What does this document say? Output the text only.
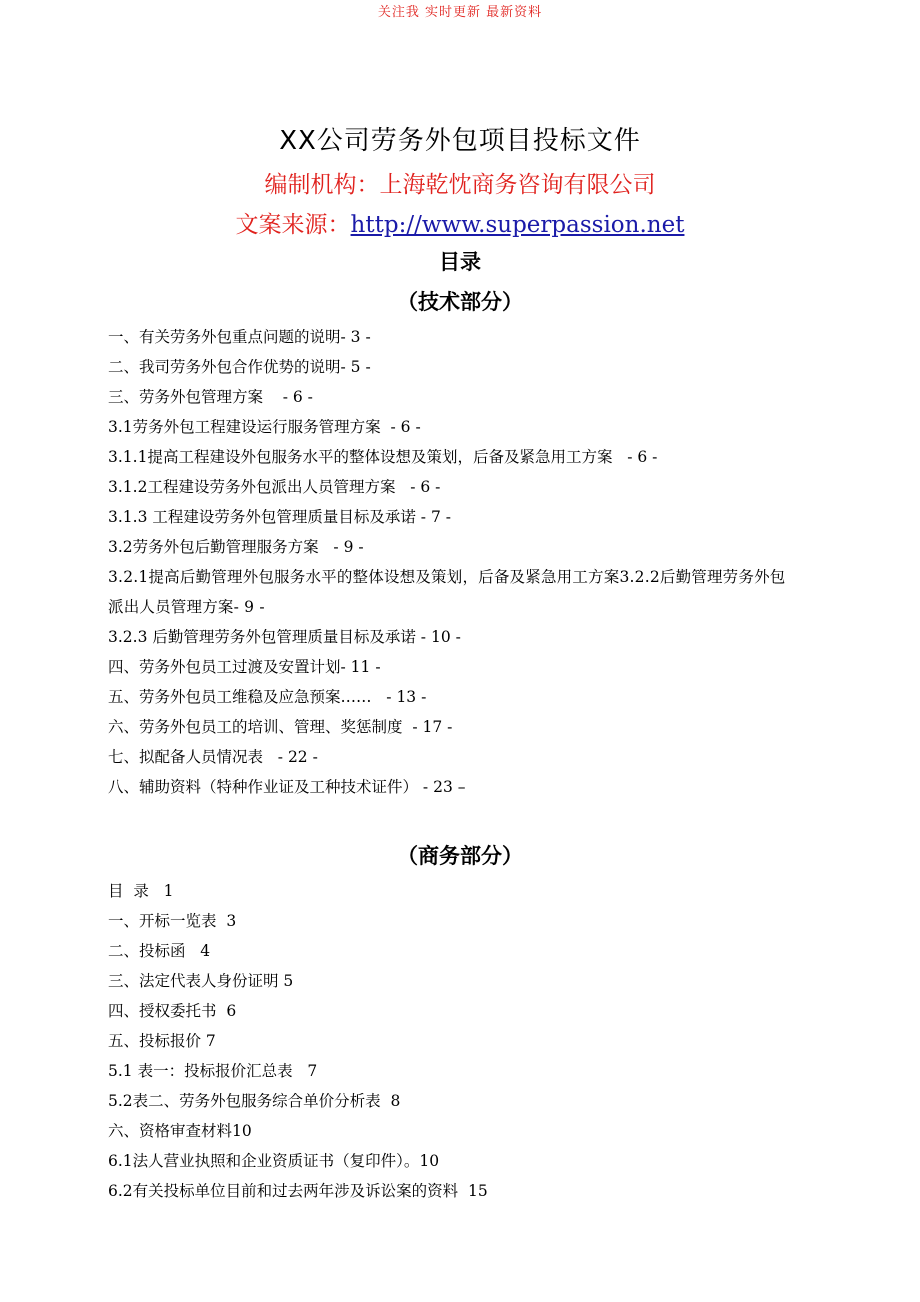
关注我 实时更新 最新资料
XX公司劳务外包项目投标文件
编制机构：上海乾忱商务咨询有限公司
文案来源：http://www.superpassion.net
目录
（技术部分）
一、有关劳务外包重点问题的说明- 3 -
二、我司劳务外包合作优势的说明- 5 -
三、劳务外包管理方案    - 6 -
3.1劳务外包工程建设运行服务管理方案  - 6 -
3.1.1提高工程建设外包服务水平的整体设想及策划，后备及紧急用工方案   - 6 -
3.1.2工程建设劳务外包派出人员管理方案   - 6 -
3.1.3 工程建设劳务外包管理质量目标及承诺 - 7 -
3.2劳务外包后勤管理服务方案   - 9 -
3.2.1提高后勤管理外包服务水平的整体设想及策划，后备及紧急用工方案3.2.2后勤管理劳务外包派出人员管理方案- 9 -
3.2.3 后勤管理劳务外包管理质量目标及承诺 - 10 -
四、劳务外包员工过渡及安置计划- 11 -
五、劳务外包员工维稳及应急预案……   - 13 -
六、劳务外包员工的培训、管理、奖惩制度  - 17 -
七、拟配备人员情况表   - 22 -
八、辅助资料（特种作业证及工种技术证件） - 23 –
（商务部分）
目  录   1
一、开标一览表  3
二、投标函   4
三、法定代表人身份证明 5
四、授权委托书  6
五、投标报价 7
5.1 表一：投标报价汇总表   7
5.2表二、劳务外包服务综合单价分析表  8
六、资格审查材料10
6.1法人营业执照和企业资质证书（复印件）。10
6.2有关投标单位目前和过去两年涉及诉讼案的资料  15
